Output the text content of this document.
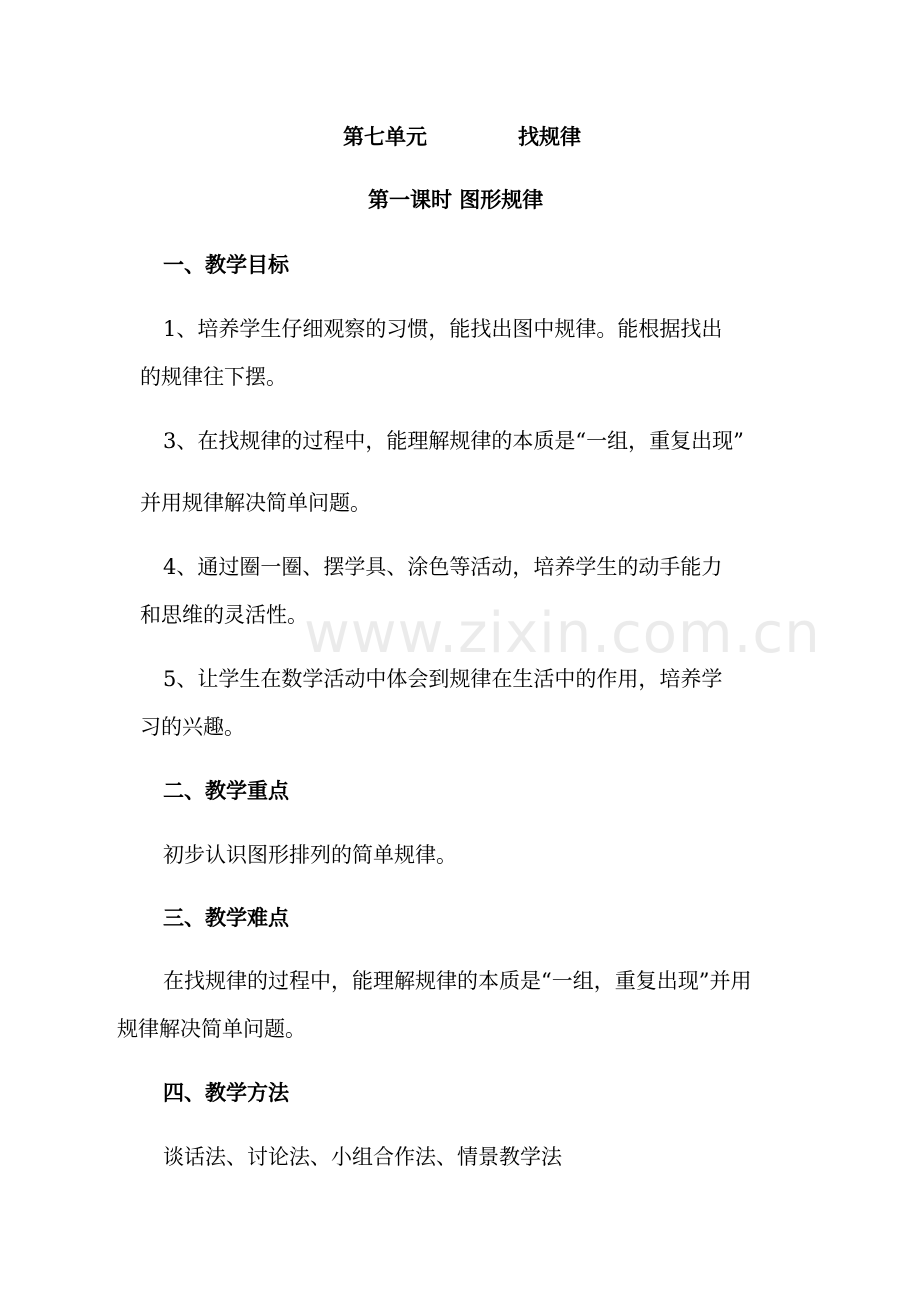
第七单元	找规律
第一课时 图形规律
一、教学目标
1、培养学生仔细观察的习惯，能找出图中规律。能根据找出
的规律往下摆。
3、在找规律的过程中，能理解规律的本质是“一组，重复出现”
并用规律解决简单问题。
4、通过圈一圈、摆学具、涂色等活动，培养学生的动手能力
和思维的灵活性。
5、让学生在数学活动中体会到规律在生活中的作用，培养学
习的兴趣。
二、教学重点
初步认识图形排列的简单规律。
三、教学难点
在找规律的过程中，能理解规律的本质是“一组，重复出现”并用
规律解决简单问题。
四、教学方法
谈话法、讨论法、小组合作法、情景教学法
www.zixin.com.cn
